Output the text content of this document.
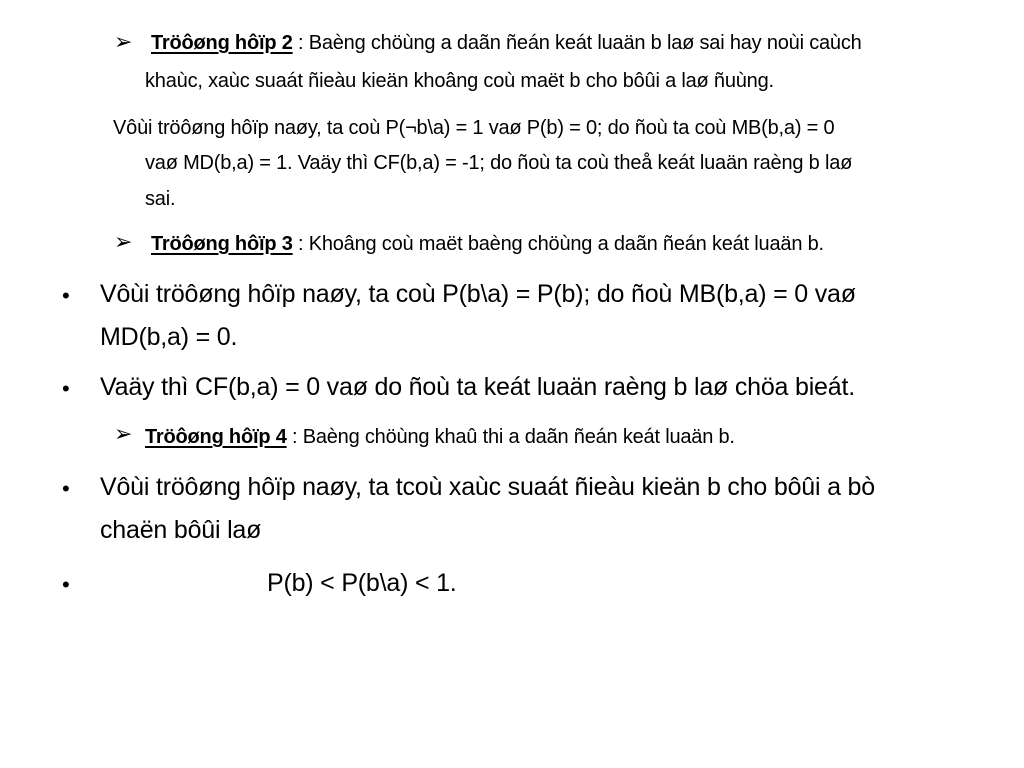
➢ Tröôøng hôïp 2 : Baèng chöùng a daãn ñeán keát luaän b laø sai hay noùi caùch
khaùc, xaùc suaát ñieàu kieän khoâng coù maët b cho bôûi a laø ñuùng.
Vôùi tröôøng hôïp naøy, ta coù P(¬b\a) = 1 vaø P(b) = 0; do ñoù ta coù MB(b,a) = 0
vaø MD(b,a) = 1. Vaäy thì CF(b,a) = -1; do ñoù ta coù theå keát luaän raèng b laø
sai.
➢ Tröôøng hôïp 3 : Khoâng coù maët baèng chöùng a daãn ñeán keát luaän b.
• Vôùi tröôøng hôïp naøy, ta coù P(b\a) = P(b); do ñoù MB(b,a) = 0 vaø
MD(b,a) = 0.
• Vaäy thì CF(b,a) = 0 vaø do ñoù ta keát luaän raèng b laø chöa bieát.
➢ Tröôøng hôïp 4 : Baèng chöùng khaû thi a daãn ñeán keát luaän b.
• Vôùi tröôøng hôïp naøy, ta tcoù xaùc suaát ñieàu kieän b cho bôûi a bò
chaën bôûi laø
•	P(b) < P(b\a) < 1.
